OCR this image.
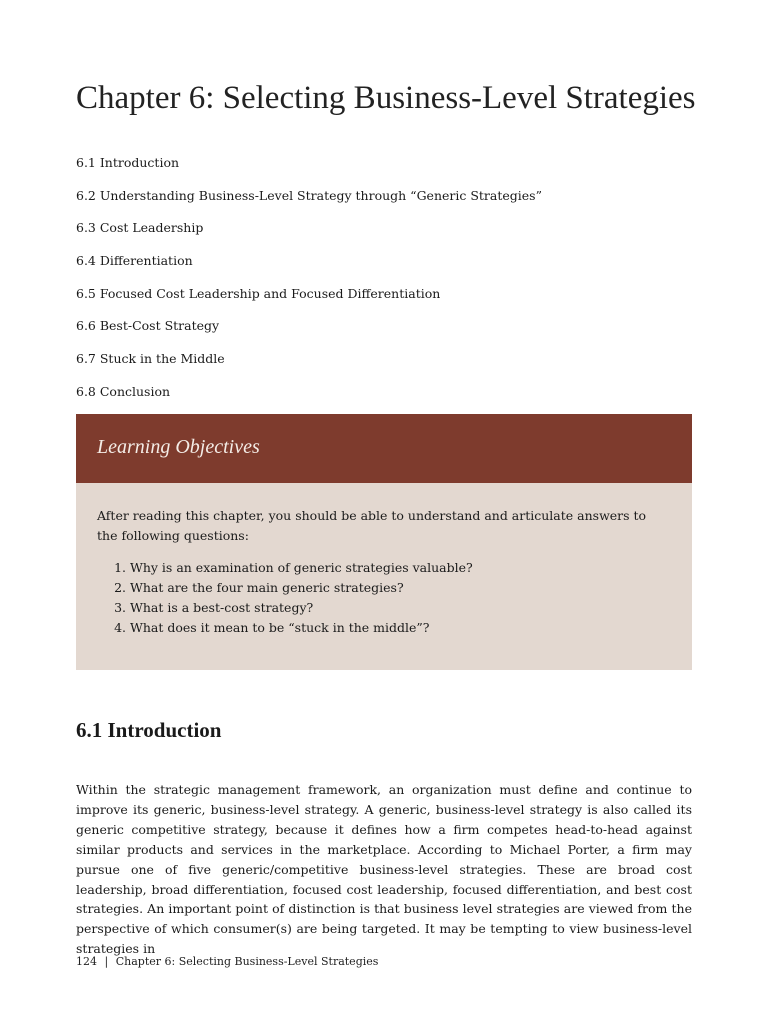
Chapter 6: Selecting Business-Level Strategies
6.1 Introduction
6.2 Understanding Business-Level Strategy through “Generic Strategies”
6.3 Cost Leadership
6.4 Differentiation
6.5 Focused Cost Leadership and Focused Differentiation
6.6 Best-Cost Strategy
6.7 Stuck in the Middle
6.8 Conclusion
Learning Objectives

After reading this chapter, you should be able to understand and articulate answers to the following questions:

1. Why is an examination of generic strategies valuable?
2. What are the four main generic strategies?
3. What is a best-cost strategy?
4. What does it mean to be “stuck in the middle”?
6.1 Introduction

Within the strategic management framework, an organization must define and continue to improve its generic, business-level strategy. A generic, business-level strategy is also called its generic competitive strategy, because it defines how a firm competes head-to-head against similar products and services in the marketplace. According to Michael Porter, a firm may pursue one of five generic/competitive business-level strategies. These are broad cost leadership, broad differentiation, focused cost leadership, focused differentiation, and best cost strategies. An important point of distinction is that business level strategies are viewed from the perspective of which consumer(s) are being targeted. It may be tempting to view business-level strategies in

124 | Chapter 6: Selecting Business-Level Strategies
